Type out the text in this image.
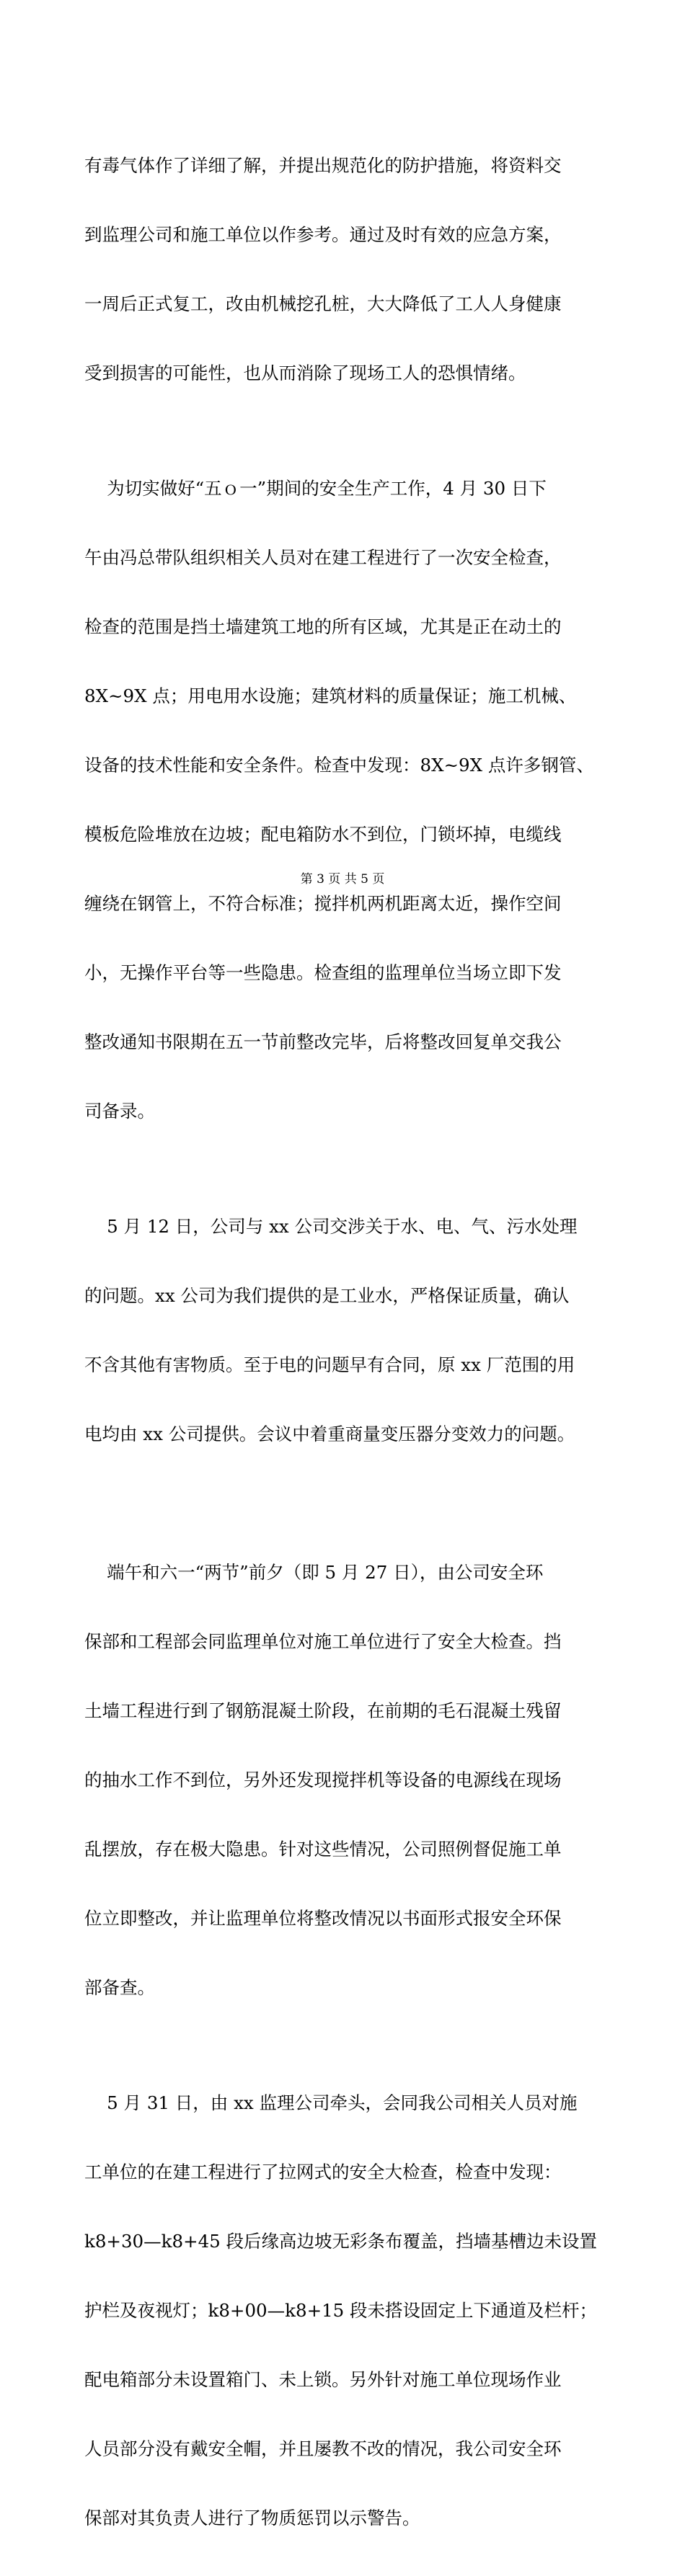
有毒气体作了详细了解，并提出规范化的防护措施，将资料交

到监理公司和施工单位以作参考。通过及时有效的应急方案，

一周后正式复工，改由机械挖孔桩，大大降低了工人人身健康

受到损害的可能性，也从而消除了现场工人的恐惧情绪。

为切实做好“五ｏ一”期间的安全生产工作，4 月 30 日下

午由冯总带队组织相关人员对在建工程进行了一次安全检查，

检查的范围是挡土墙建筑工地的所有区域，尤其是正在动土的

8X~9X 点；用电用水设施；建筑材料的质量保证；施工机械、

设备的技术性能和安全条件。检查中发现：8X~9X 点许多钢管、

模板危险堆放在边坡；配电箱防水不到位，门锁坏掉，电缆线

缠绕在钢管上，不符合标准；搅拌机两机距离太近，操作空间

小，无操作平台等一些隐患。检查组的监理单位当场立即下发

整改通知书限期在五一节前整改完毕，后将整改回复单交我公

司备录。

5 月 12 日，公司与 xx 公司交涉关于水、电、气、污水处理

的问题。xx 公司为我们提供的是工业水，严格保证质量，确认

不含其他有害物质。至于电的问题早有合同，原 xx 厂范围的用

电均由 xx 公司提供。会议中着重商量变压器分变效力的问题。

端午和六一“两节”前夕（即 5 月 27 日），由公司安全环

保部和工程部会同监理单位对施工单位进行了安全大检查。挡

土墙工程进行到了钢筋混凝土阶段，在前期的毛石混凝土残留

的抽水工作不到位，另外还发现搅拌机等设备的电源线在现场

乱摆放，存在极大隐患。针对这些情况，公司照例督促施工单

位立即整改，并让监理单位将整改情况以书面形式报安全环保

部备查。

5 月 31 日，由 xx 监理公司牵头，会同我公司相关人员对施

工单位的在建工程进行了拉网式的安全大检查，检查中发现：

k8+30—k8+45 段后缘高边坡无彩条布覆盖，挡墙基槽边未设置

护栏及夜视灯；k8+00—k8+15 段未搭设固定上下通道及栏杆；

配电箱部分未设置箱门、未上锁。另外针对施工单位现场作业

人员部分没有戴安全帽，并且屡教不改的情况，我公司安全环

保部对其负责人进行了物质惩罚以示警告。

第 3 页 共 5 页
